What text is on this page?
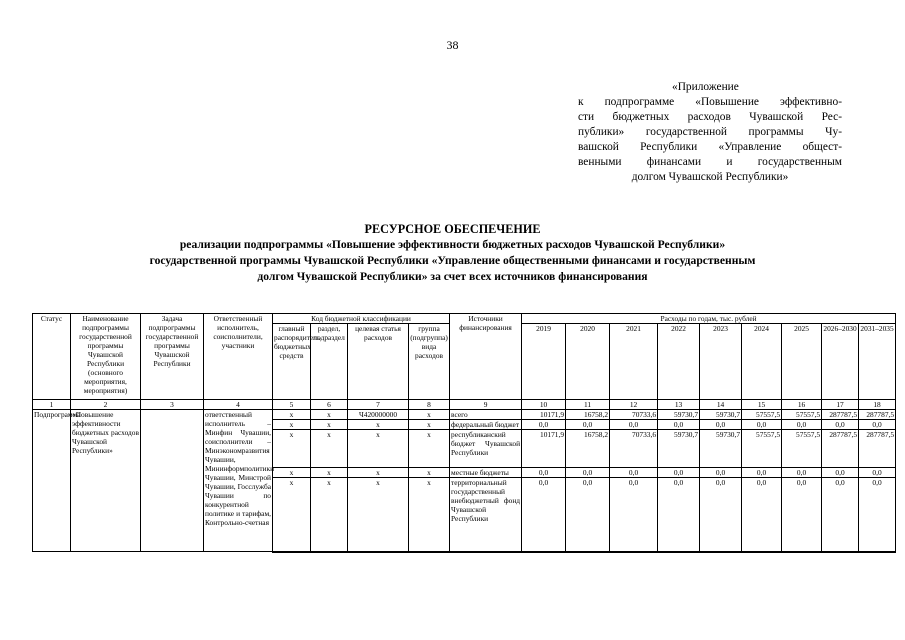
38
«Приложение
к подпрограмме «Повышение эффективно-
сти бюджетных расходов Чувашской Рес-
публики» государственной программы Чу-
вашской Республики «Управление общест-
венными финансами и государственным
долгом Чувашской Республики»
РЕСУРСНОЕ ОБЕСПЕЧЕНИЕ
реализации подпрограммы «Повышение эффективности бюджетных расходов Чувашской Республики»
государственной программы Чувашской Республики «Управление общественными финансами и государственным
долгом Чувашской Республики» за счет всех источников финансирования
Статус	Наименование подпрограммы государственной программы Чувашской Республики (основного мероприятия, мероприятия)	Задача подпрограммы государственной программы Чувашской Республики	Ответственный исполнитель, соисполнители, участники	Код бюджетной классификации				Источники финансирования	Расходы по годам, тыс. рублей								
				главный распорядитель бюджетных средств	раздел, подраздел	целевая статья расходов	группа (подгруппа) вида расходов		2019	2020	2021	2022	2023	2024	2025	2026–2030	2031–2035
1	2	3	4	5	6	7	8	9	10	11	12	13	14	15	16	17	18
Подпрограмма	«Повышение эффективности бюджетных расходов Чувашской Республики»		ответственный исполнитель – Минфин Чувашии, соисполнители – Минэкономразвития Чувашии, Мининформполитики Чувашии, Минстрой Чувашии, Госслужба Чувашии по конкурентной политике и тарифам, Контрольно-счетная	x	x	Ч420000000	x	всего	10171,9	16758,2	70733,6	59730,7	59730,7	57557,5	57557,5	287787,5	287787,5
				x	x	x	x	федеральный бюджет	0,0	0,0	0,0	0,0	0,0	0,0	0,0	0,0	0,0
				x	x	x	x	республиканский бюджет Чувашской Республики	10171,9	16758,2	70733,6	59730,7	59730,7	57557,5	57557,5	287787,5	287787,5
				x	x	x	x	местные бюджеты	0,0	0,0	0,0	0,0	0,0	0,0	0,0	0,0	0,0
				x	x	x	x	территориальный государственный внебюджетный фонд Чувашской Республики	0,0	0,0	0,0	0,0	0,0	0,0	0,0	0,0	0,0
